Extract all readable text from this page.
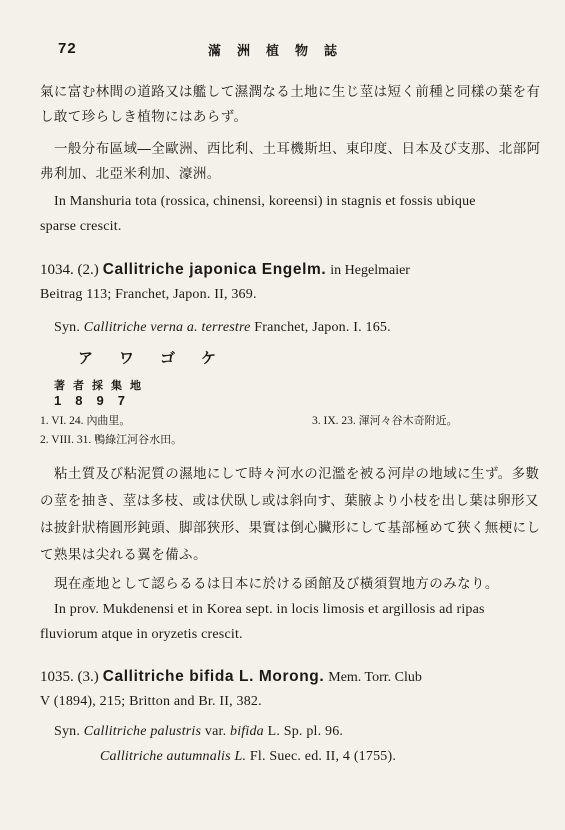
72	滿洲植物誌
氣に富む林間の道路又は艦して濕潤なる土地に生じ莖は短く前種と同樣の葉を有
し敢て珍らしき植物にはあらず。
一般分布區域―全歐洲、西比利、土耳機斯坦、東印度、日本及び支那、北部阿
弗利加、北亞米利加、濠洲。
In Manshuria tota (rossica, chinensi, koreensi) in stagnis et fossis ubique
sparse crescit.
1034. (2.) Callitriche japonica Engelm. in Hegelmaier
Beitrag 113; Franchet, Japon. II, 369.
Syn. Callitriche verna a. terrestre Franchet, Japon. I. 165.
アワゴケ
著者採集地
1897
1. VI. 24. 內曲里。	3. IX. 23. 渾河々谷木奇附近。
2. VIII. 31. 鴨綠江河谷水田。
粘土質及び粘泥質の濕地にして時々河水の氾濫を被る河岸の地域に生ず。多數
の莖を抽き、莖は多枝、或は伏臥し或は斜向す、葉腋より小枝を出し葉は卵形又
は披針狀楕圓形鈍頭、脚部狹形、果實は倒心臟形にして基部極めて狹く無梗にし
て熟果は尖れる翼を備ふ。
現在產地として認らるるは日本に於ける函館及び橫須賀地方のみなり。
In prov. Mukdenensi et in Korea sept. in locis limosis et argillosis ad ripas
fluviorum atque in oryzetis crescit.
1035. (3.) Callitriche bifida L. Morong. Mem. Torr. Club
V (1894), 215; Britton and Br. II, 382.
Syn. Callitriche palustris var. bifida L. Sp. pl. 96.
Callitriche autumnalis L. Fl. Suec. ed. II, 4 (1755).
